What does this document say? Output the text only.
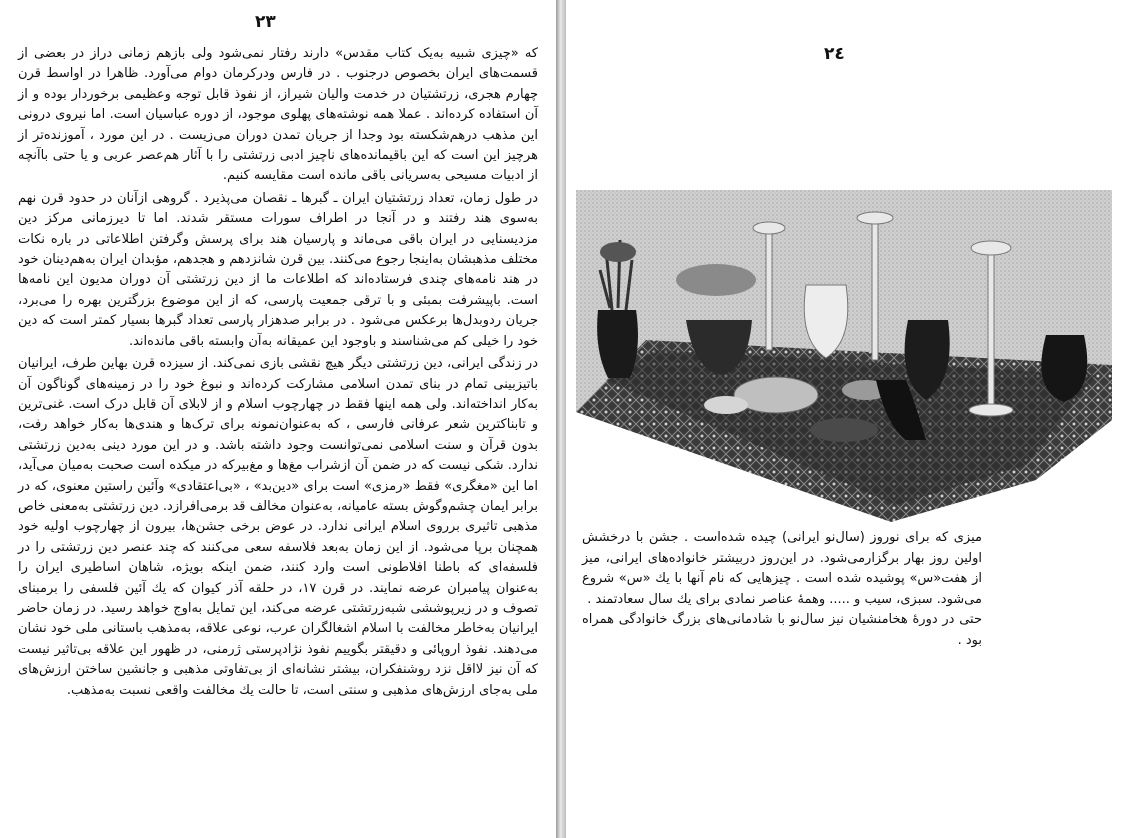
۲۳

که «چیزی شبیه به‌یک کتاب مقدس» دارند رفتار نمی‌شود ولی بازهم زمانی دراز در بعضی از قسمت‌های ایران بخصوص درجنوب . در فارس ودرکرمان دوام می‌آورد. ظاهرا در اواسط قرن چهارم هجری، زرتشتیان در خدمت والیان شیراز، از نفوذ قابل توجه وعظیمی برخوردار بوده و از آن استفاده کرده‌اند . عملا همه نوشته‌های پهلوی موجود، از دوره عباسیان است. اما نیروی درونی این مذهب درهم‌شکسته بود وجدا از جریان تمدن دوران می‌زیست . در این مورد ، آموزنده‌تر از هرچیز این است که این باقیمانده‌های ناچیز ادبی زرتشتی را با آثار هم‌عصر عربی و یا حتی باآنچه از ادبیات مسیحی به‌سریانی باقی مانده است مقایسه کنیم.

در طول زمان، تعداد زرتشتیان ایران ـ گبرها ـ نقصان می‌پذیرد . گروهی ازآنان در حدود قرن نهم به‌سوی هند رفتند و در آنجا در اطراف سورات مستقر شدند. اما تا دیرزمانی مرکز دین مزدیسنایی در ایران باقی می‌ماند و پارسیان هند برای پرسش وگرفتن اطلاعاتی در باره نکات مختلف مذهبشان به‌اینجا رجوع می‌کنند. بین قرن شانزدهم و هجدهم، مؤبدان ایران به‌هم‌دینان خود در هند نامه‌های چندی فرستاده‌اند که اطلاعات ما از دین زرتشتی آن دوران مدیون این نامه‌ها است. باپیشرفت بمبئی و با ترقی جمعیت پارسی، که از این موضوع بزرگترین بهره را می‌برد، جریان ردوبدل‌ها برعکس می‌شود . در برابر صدهزار پارسی تعداد گبرها بسیار کمتر است که دین خود را خیلی کم می‌شناسند و باوجود این عمیقانه به‌آن وابسته باقی مانده‌اند.

در زندگی ایرانی، دین زرتشتی دیگر هیچ نقشی بازی نمی‌کند. از سیزده قرن بهاین طرف، ایرانیان باتیزبینی تمام در بنای تمدن اسلامی مشارکت کرده‌اند و نبوغ خود را در زمینه‌های گوناگون آن به‌کار انداخته‌اند. ولی همه اینها فقط در چهارچوب اسلام و از لابلای آن قابل درک است. غنی‌ترین و تابناکترین شعر عرفانی فارسی ، که به‌عنوان‌نمونه برای ترک‌ها و هندی‌ها به‌کار خواهد رفت، بدون قرآن و سنت اسلامی نمی‌توانست وجود داشته باشد. و در این مورد دینی به‌دین زرتشتی ندارد. شکی نیست که در ضمن آن ازشراب مغ‌ها و مغ‌بیرکه در میکده است صحبت به‌میان می‌آید، اما این «مغگری» فقط «رمزی» است برای «دین‌بد» ، «بی‌اعتقادی» وآئین راستین معنوی، که در برابر ایمان چشم‌وگوش بسته عامیانه، به‌عنوان مخالف قد برمی‌افرازد. دین زرتشتی به‌معنی خاص مذهبی تاثیری برروی اسلام ایرانی ندارد. در عوض برخی جشن‌ها، بیرون از چهارچوب اولیه خود همچنان برپا می‌شود. از این زمان به‌بعد فلاسفه سعی می‌کنند که چند عنصر دین زرتشتی را در فلسفه‌ای که باطنا افلاطونی است وارد کنند، ضمن اینکه بویژه، شاهان اساطیری ایران را به‌عنوان پیامبران عرضه نمایند. در قرن ۱۷، در حلقه آذر کیوان که یك آئین فلسفی را برمبنای تصوف و در زیرپوششی شبه‌زرتشتی عرضه می‌کند، این تمایل به‌اوج خواهد رسید. در زمان حاضر ایرانیان به‌خاطر مخالفت با اسلام اشغالگران عرب، نوعی علاقه، به‌مذهب باستانی ملی خود نشان می‌دهند. نفوذ اروپائی و دقیقتر بگوییم نفوذ نژادپرستی ژرمنی، در ظهور این علاقه بی‌تاثیر نیست که آن نیز لااقل نزد روشنفکران، بیشتر نشانه‌ای از بی‌تفاوتی مذهبی و جانشین ساختن ارزش‌های ملی به‌جای ارزش‌های مذهبی و سنتی است، تا حالت یك مخالفت واقعی نسبت به‌مذهب.

۲٤

میزی که برای نوروز (سال‌نو ایرانی) چیده شده‌است . جشن با درخشش اولین روز بهار برگزارمی‌شود. در این‌روز دربیشتر خانواده‌های ایرانی، میز از هفت«س» پوشیده شده است . چیزهایی که نام آنها با یك «س» شروع می‌شود. سبزی، سیب و ..... وهمهٔ عناصر نمادی برای یك سال سعادتمند .

حتی در دورهٔ هخامنشیان نیز سال‌نو با شادمانی‌های بزرگ خانوادگی همراه بود .
